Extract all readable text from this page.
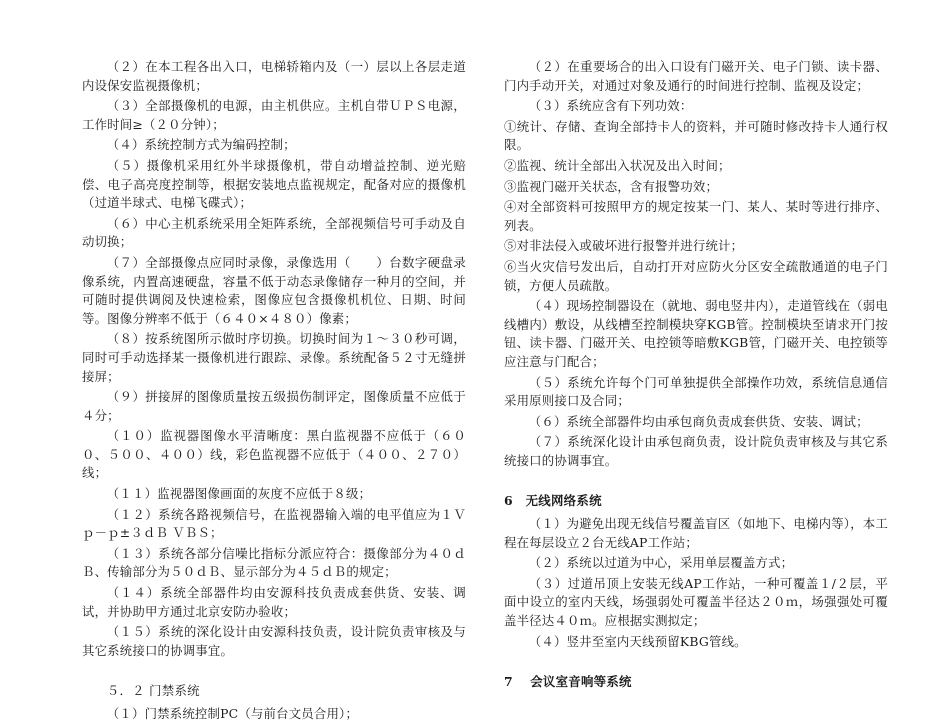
（２）在本工程各出入口，电梯轿箱内及（一）层以上各层走道内设保安监视摄像机；

（３）全部摄像机的电源，由主机供应。主机自带ＵＰＳ电源，工作时间≥（２０分钟）；

（４）系统控制方式为编码控制；

（５）摄像机采用红外半球摄像机，带自动增益控制、逆光赔偿、电子高亮度控制等，根据安装地点监视规定，配备对应的摄像机（过道半球式、电梯飞碟式）；

（６）中心主机系统采用全矩阵系统，全部视频信号可手动及自动切换；

（７）全部摄像点应同时录像，录像选用（　　）台数字硬盘录像系统，内置高速硬盘，容量不低于动态录像储存一种月的空间，并可随时提供调阅及快速检索，图像应包含摄像机机位、日期、时间等。图像分辨率不低于（６４０×４８０）像素；

（８）按系统图所示做时序切换。切换时间为１～３０秒可调，同时可手动选择某一摄像机进行跟踪、录像。系统配备５２寸无缝拼接屏；

（９）拼接屏的图像质量按五级损伤制评定，图像质量不应低于４分；

（１０）监视器图像水平清晰度：黑白监视器不应低于（６００、５００、４００）线，彩色监视器不应低于（４００、２７０）线；

（１１）监视器图像画面的灰度不应低于８级；

（１２）系统各路视频信号，在监视器输入端的电平值应为１Ｖｐ－ｐ±３ｄＢ ＶＢＳ；

（１３）系统各部分信噪比指标分派应符合：摄像部分为４０ｄＢ、传输部分为５０ｄＢ、显示部分为４５ｄＢ的规定；

（１４）系统全部器件均由安源科技负责成套供货、安装、调试，并协助甲方通过北京安防办验收；

（１５）系统的深化设计由安源科技负责，设计院负责审核及与其它系统接口的协调事宜。

５．２ 门禁系统

（１）门禁系统控制PC（与前台文员合用）；

（２）在重要场合的出入口设有门磁开关、电子门锁、读卡器、门内手动开关，对通过对象及通行的时间进行控制、监视及设定；

（３）系统应含有下列功效：

①统计、存储、查询全部持卡人的资料，并可随时修改持卡人通行权限。

②监视、统计全部出入状况及出入时间；

③监视门磁开关状态，含有报警功效；

④对全部资料可按照甲方的规定按某一门、某人、某时等进行排序、列表。

⑤对非法侵入或破坏进行报警并进行统计；

⑥当火灾信号发出后，自动打开对应防火分区安全疏散通道的电子门锁，方便人员疏散。

（４）现场控制器设在（就地、弱电竖井内），走道管线在（弱电线槽内）敷设，从线槽至控制模块穿KGB管。控制模块至请求开门按钮、读卡器、门磁开关、电控锁等暗敷KGB管，门磁开关、电控锁等应注意与门配合；

（５）系统允许每个门可单独提供全部操作功效，系统信息通信采用原则接口及合同；

（６）系统全部器件均由承包商负责成套供货、安装、调试；

（７）系统深化设计由承包商负责，设计院负责审核及与其它系统接口的协调事宜。

6　无线网络系统

（１）为避免出现无线信号覆盖盲区（如地下、电梯内等），本工程在每层设立２台无线AP工作站；

（２）系统以过道为中心，采用单层覆盖方式；

（３）过道吊顶上安装无线AP工作站，一种可覆盖１/２层，平面中设立的室内天线，场强弱处可覆盖半径达２０ｍ，场强强处可覆盖半径达４０ｍ。应根据实测拟定；

（４）竖井至室内天线预留KBG管线。

7　 会议室音响等系统
